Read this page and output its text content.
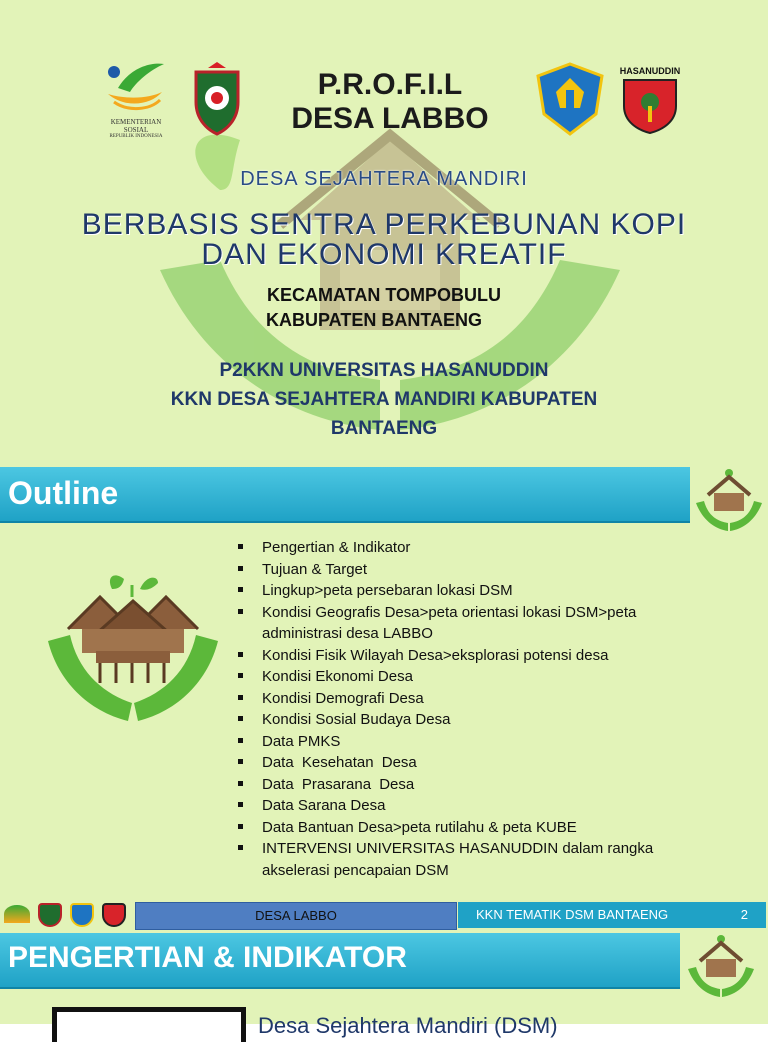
KEMENTERIAN SOSIAL
REPUBLIK INDONESIA
P.R.O.F.I.L
DESA LABBO
HASANUDDIN
DESA SEJAHTERA MANDIRI
BERBASIS SENTRA PERKEBUNAN KOPI
DAN EKONOMI KREATIF
KECAMATAN TOMPOBULU
KABUPATEN BANTAENG
P2KKN UNIVERSITAS HASANUDDIN
KKN DESA SEJAHTERA MANDIRI KABUPATEN
BANTAENG
Outline
Pengertian & Indikator
Tujuan & Target
Lingkup>peta persebaran lokasi DSM
Kondisi Geografis Desa>peta orientasi lokasi DSM>peta administrasi desa LABBO
Kondisi Fisik Wilayah Desa>eksplorasi potensi desa
Kondisi Ekonomi Desa
Kondisi Demografi Desa
Kondisi Sosial Budaya Desa
Data PMKS
Data Kesehatan Desa
Data Prasarana Desa
Data Sarana Desa
Data Bantuan Desa>peta rutilahu & peta KUBE
INTERVENSI UNIVERSITAS HASANUDDIN dalam rangka akselerasi pencapaian DSM
DESA LABBO	KKN TEMATIK DSM BANTAENG	2
PENGERTIAN & INDIKATOR
Desa Sejahtera Mandiri (DSM)
